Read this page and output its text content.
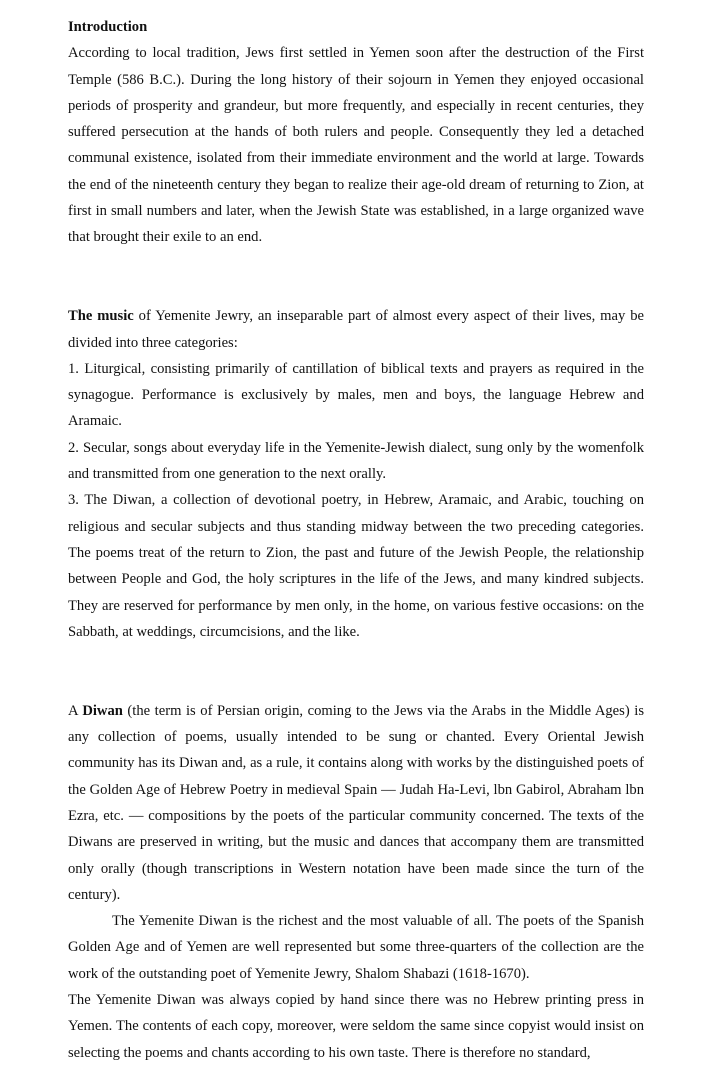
Introduction

According to local tradition, Jews first settled in Yemen soon after the destruction of the First Temple (586 B.C.). During the long history of their sojourn in Yemen they enjoyed occasional periods of prosperity and grandeur, but more frequently, and especially in recent centuries, they suffered persecution at the hands of both rulers and people. Consequently they led a detached communal existence, isolated from their immediate environment and the world at large. Towards the end of the nineteenth century they began to realize their age-old dream of returning to Zion, at first in small numbers and later, when the Jewish State was established, in a large organized wave that brought their exile to an end.

The music of Yemenite Jewry, an inseparable part of almost every aspect of their lives, may be divided into three categories:

1. Liturgical, consisting primarily of cantillation of biblical texts and prayers as required in the synagogue. Performance is exclusively by males, men and boys, the language Hebrew and Aramaic.

2. Secular, songs about everyday life in the Yemenite-Jewish dialect, sung only by the womenfolk and transmitted from one generation to the next orally.

3. The Diwan, a collection of devotional poetry, in Hebrew, Aramaic, and Arabic, touching on religious and secular subjects and thus standing midway between the two preceding categories. The poems treat of the return to Zion, the past and future of the Jewish People, the relationship between People and God, the holy scriptures in the life of the Jews, and many kindred subjects. They are reserved for performance by men only, in the home, on various festive occasions: on the Sabbath, at weddings, circumcisions, and the like.

A Diwan (the term is of Persian origin, coming to the Jews via the Arabs in the Middle Ages) is any collection of poems, usually intended to be sung or chanted. Every Oriental Jewish community has its Diwan and, as a rule, it contains along with works by the distinguished poets of the Golden Age of Hebrew Poetry in medieval Spain — Judah Ha-Levi, lbn Gabirol, Abraham lbn Ezra, etc. — compositions by the poets of the particular community concerned. The texts of the Diwans are preserved in writing, but the music and dances that accompany them are transmitted only orally (though transcriptions in Western notation have been made since the turn of the century).

The Yemenite Diwan is the richest and the most valuable of all. The poets of the Spanish Golden Age and of Yemen are well represented but some three-quarters of the collection are the work of the outstanding poet of Yemenite Jewry, Shalom Shabazi (1618-1670).

The Yemenite Diwan was always copied by hand since there was no Hebrew printing press in Yemen. The contents of each copy, moreover, were seldom the same since copyist would insist on selecting the poems and chants according to his own taste. There is therefore no standard,
